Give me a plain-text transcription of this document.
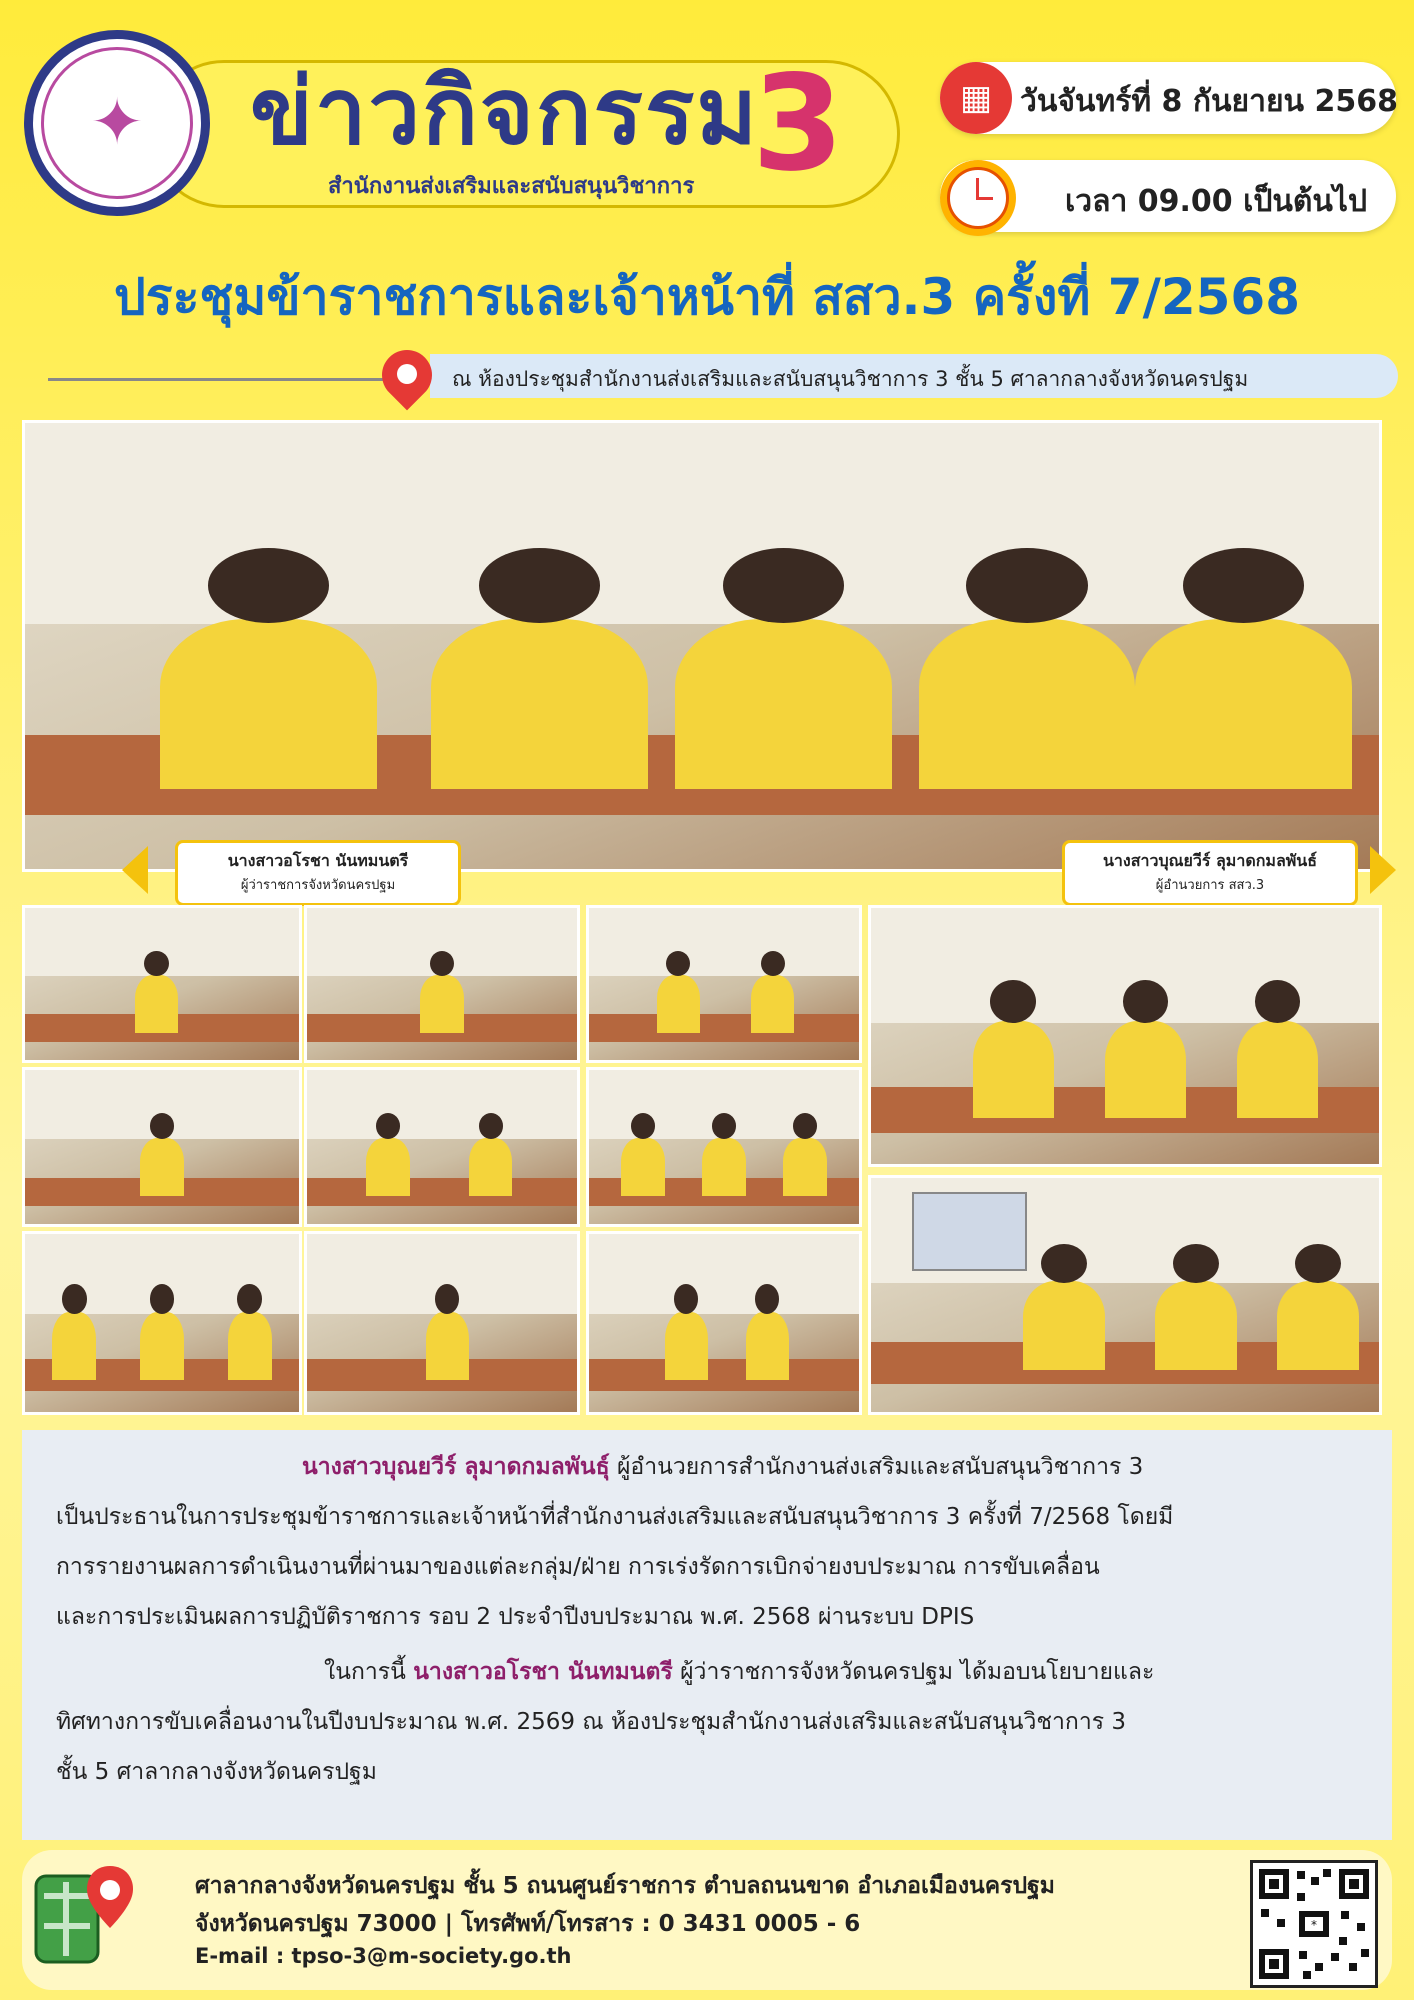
✦	ข่าวกิจกรรม
3
สำนักงานส่งเสริมและสนับสนุนวิชาการ
▦ วันจันทร์ที่ 8 กันยายน 2568
เวลา 09.00 เป็นต้นไป
ประชุมข้าราชการและเจ้าหน้าที่ สสว.3 ครั้งที่ 7/2568
ณ ห้องประชุมสำนักงานส่งเสริมและสนับสนุนวิชาการ 3 ชั้น 5 ศาลากลางจังหวัดนครปฐม
นางสาวอโรชา นันทมนตรี
ผู้ว่าราชการจังหวัดนครปฐม
นางสาวบุณยวีร์ ลุมาดกมลพันธ์
ผู้อำนวยการ สสว.3
นางสาวบุณยวีร์ ลุมาดกมลพันธุ์ ผู้อำนวยการสำนักงานส่งเสริมและสนับสนุนวิชาการ 3
เป็นประธานในการประชุมข้าราชการและเจ้าหน้าที่สำนักงานส่งเสริมและสนับสนุนวิชาการ 3 ครั้งที่ 7/2568 โดยมี
การรายงานผลการดำเนินงานที่ผ่านมาของแต่ละกลุ่ม/ฝ่าย การเร่งรัดการเบิกจ่ายงบประมาณ การขับเคลื่อน
และการประเมินผลการปฏิบัติราชการ รอบ 2 ประจำปีงบประมาณ พ.ศ. 2568 ผ่านระบบ DPIS
ในการนี้ นางสาวอโรชา นันทมนตรี ผู้ว่าราชการจังหวัดนครปฐม ได้มอบนโยบายและ
ทิศทางการขับเคลื่อนงานในปีงบประมาณ พ.ศ. 2569 ณ ห้องประชุมสำนักงานส่งเสริมและสนับสนุนวิชาการ 3
ชั้น 5 ศาลากลางจังหวัดนครปฐม
ศาลากลางจังหวัดนครปฐม ชั้น 5 ถนนศูนย์ราชการ ตำบลถนนขาด อำเภอเมืองนครปฐม
จังหวัดนครปฐม 73000 | โทรศัพท์/โทรสาร : 0 3431 0005 - 6
E-mail : tpso-3@m-society.go.th
*
